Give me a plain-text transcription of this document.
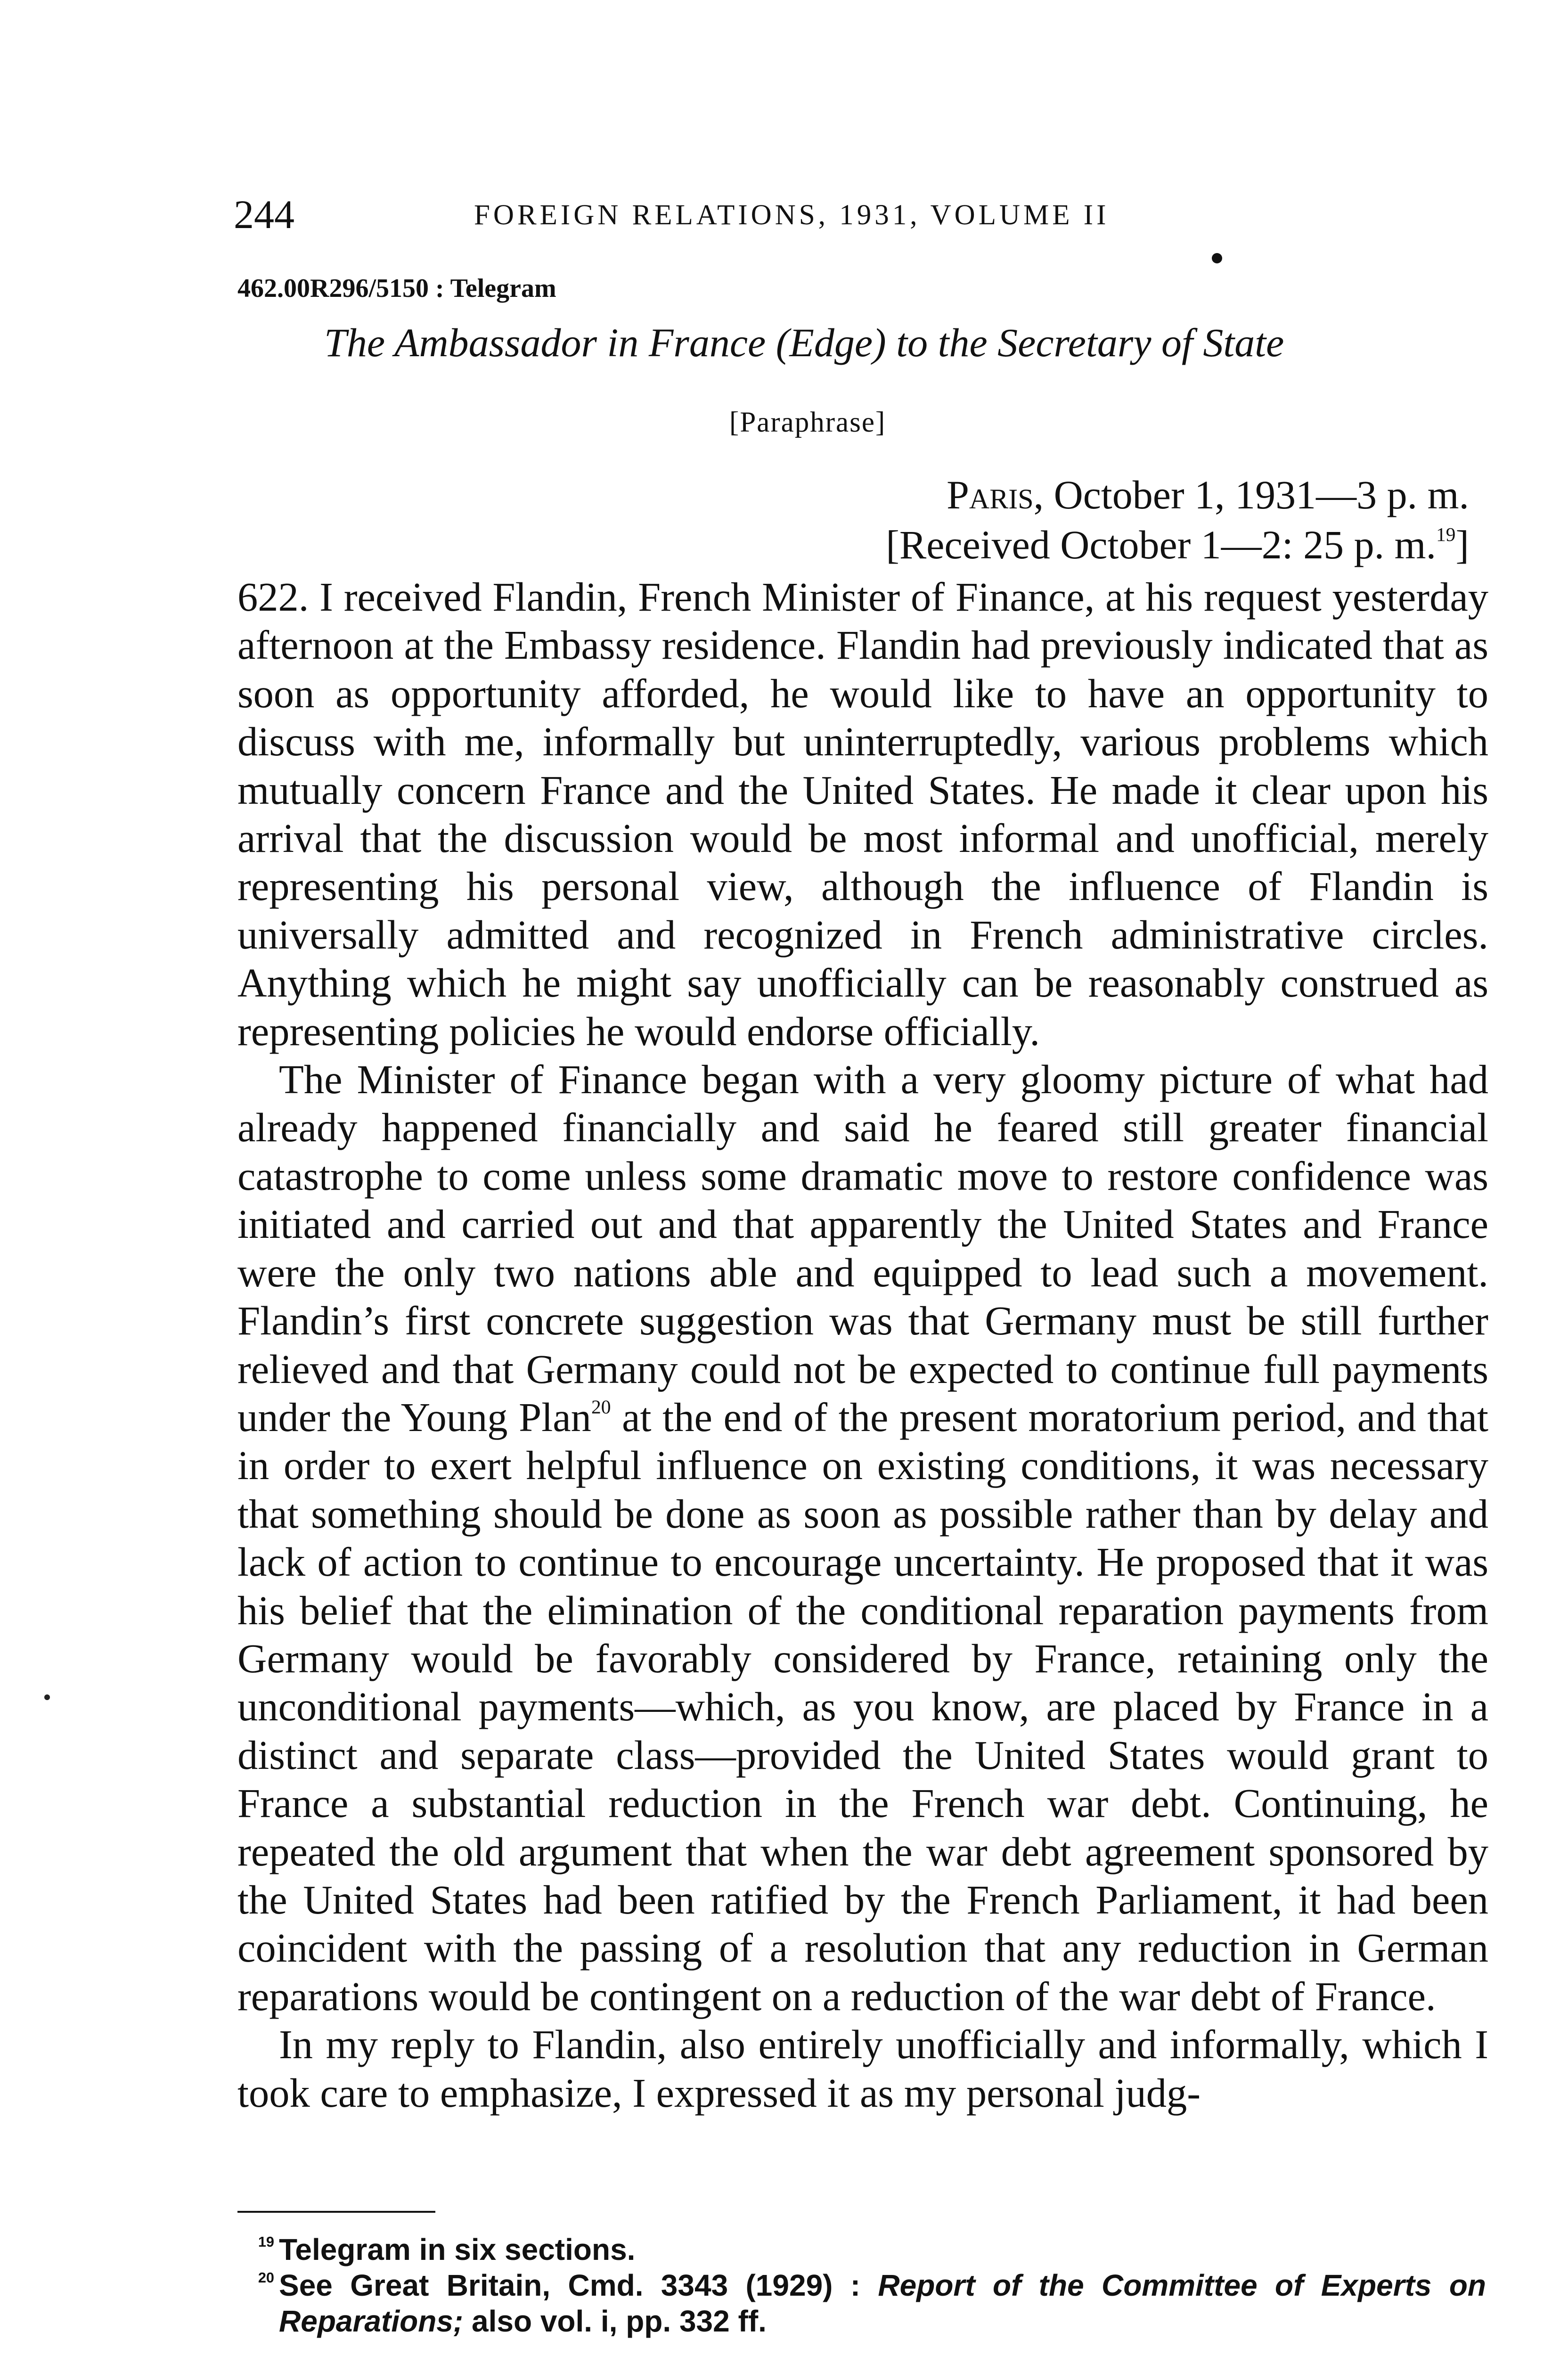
244	FOREIGN RELATIONS, 1931, VOLUME II
462.00R296/5150 : Telegram
The Ambassador in France (Edge) to the Secretary of State
[Paraphrase]
Paris, October 1, 1931—3 p. m.
[Received October 1—2: 25 p. m.$^{19}$]

622. I received Flandin, French Minister of Finance, at his request yesterday afternoon at the Embassy residence. Flandin had previously indicated that as soon as opportunity afforded, he would like to have an opportunity to discuss with me, informally but uninterruptedly, various problems which mutually concern France and the United States. He made it clear upon his arrival that the discussion would be most informal and unofficial, merely representing his personal view, although the influence of Flandin is universally admitted and recognized in French administrative circles. Anything which he might say unofficially can be reasonably construed as representing policies he would endorse officially.

The Minister of Finance began with a very gloomy picture of what had already happened financially and said he feared still greater financial catastrophe to come unless some dramatic move to restore confidence was initiated and carried out and that apparently the United States and France were the only two nations able and equipped to lead such a movement. Flandin’s first concrete suggestion was that Germany must be still further relieved and that Germany could not be expected to continue full payments under the Young Plan$^{20}$ at the end of the present moratorium period, and that in order to exert helpful influence on existing conditions, it was necessary that something should be done as soon as possible rather than by delay and lack of action to continue to encourage uncertainty. He proposed that it was his belief that the elimination of the conditional reparation payments from Germany would be favorably considered by France, retaining only the unconditional payments—which, as you know, are placed by France in a distinct and separate class—provided the United States would grant to France a substantial reduction in the French war debt. Continuing, he repeated the old argument that when the war debt agreement sponsored by the United States had been ratified by the French Parliament, it had been coincident with the passing of a resolution that any reduction in German reparations would be contingent on a reduction of the war debt of France.

In my reply to Flandin, also entirely unofficially and informally, which I took care to emphasize, I expressed it as my personal judg-

$^{19}$ Telegram in six sections.

$^{20}$ See Great Britain, Cmd. 3343 (1929) : Report of the Committee of Experts on Reparations; also vol. i, pp. 332 ff.
